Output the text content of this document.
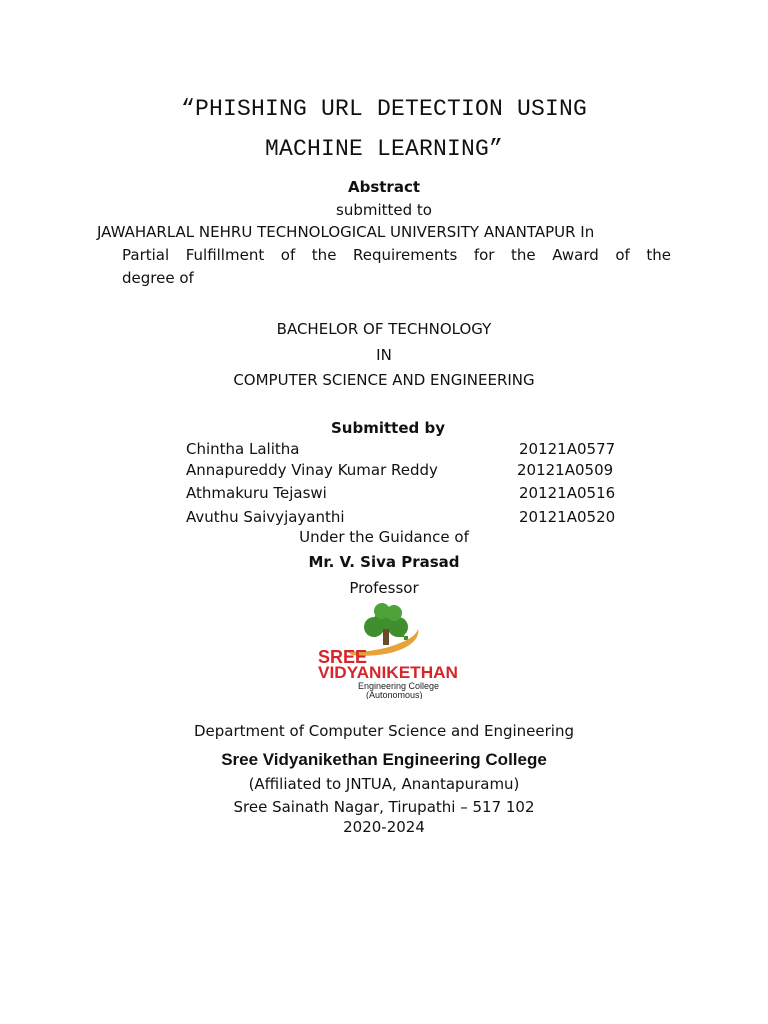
“PHISHING URL DETECTION USING
MACHINE LEARNING”
Abstract
submitted to
JAWAHARLAL NEHRU TECHNOLOGICAL UNIVERSITY ANANTAPUR In
Partial Fulfillment of the Requirements for the Award of the
degree of
BACHELOR OF TECHNOLOGY
IN
COMPUTER SCIENCE AND ENGINEERING
Submitted by
Chintha Lalitha	20121A0577
Annapureddy Vinay Kumar Reddy	20121A0509
Athmakuru Tejaswi	20121A0516
Avuthu Saivyjayanthi	20121A0520
Under the Guidance of
Mr. V. Siva Prasad
Professor
SREE
VIDYANIKETHAN
Engineering College
(Autonomous)
Department of Computer Science and Engineering
Sree Vidyanikethan Engineering College
(Affiliated to JNTUA, Anantapuramu)
Sree Sainath Nagar, Tirupathi – 517 102
2020-2024
